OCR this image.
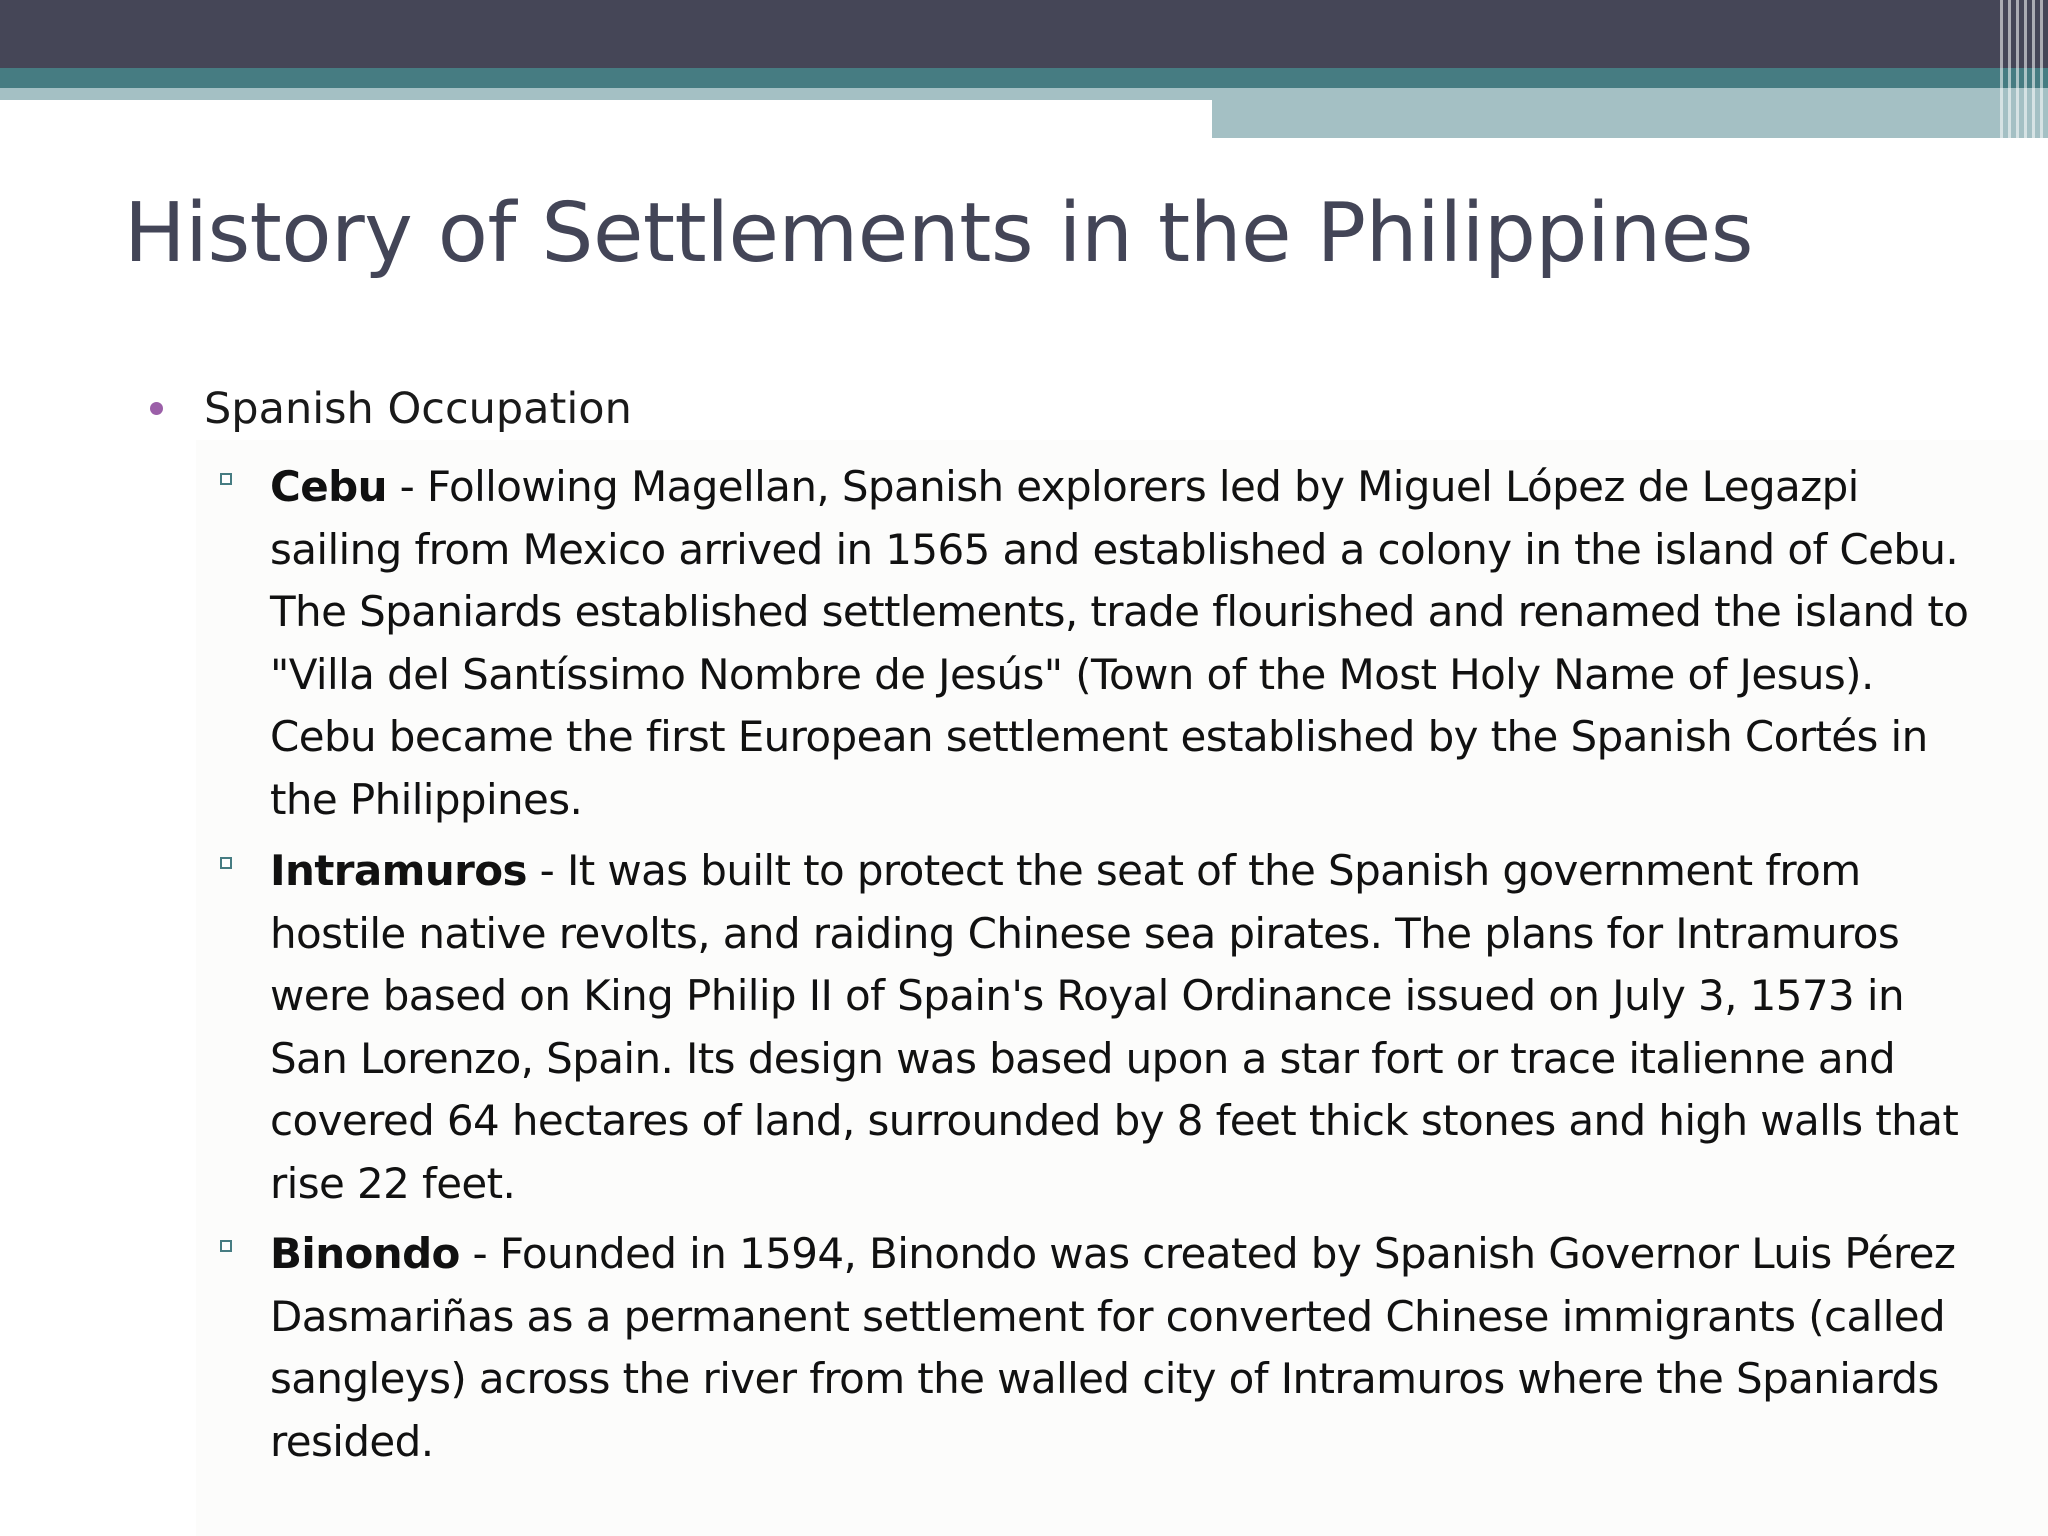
History of Settlements in the Philippines
Spanish Occupation
Cebu - Following Magellan, Spanish explorers led by Miguel López de Legazpi sailing from Mexico arrived in 1565 and established a colony in the island of Cebu. The Spaniards established settlements, trade flourished and renamed the island to "Villa del Santíssimo Nombre de Jesús" (Town of the Most Holy Name of Jesus). Cebu became the first European settlement established by the Spanish Cortés in the Philippines.
Intramuros - It was built to protect the seat of the Spanish government from hostile native revolts, and raiding Chinese sea pirates. The plans for Intramuros were based on King Philip II of Spain's Royal Ordinance issued on July 3, 1573 in San Lorenzo, Spain. Its design was based upon a star fort or trace italienne and covered 64 hectares of land, surrounded by 8 feet thick stones and high walls that rise 22 feet.
Binondo - Founded in 1594, Binondo was created by Spanish Governor Luis Pérez Dasmariñas as a permanent settlement for converted Chinese immigrants (called sangleys) across the river from the walled city of Intramuros where the Spaniards resided.
